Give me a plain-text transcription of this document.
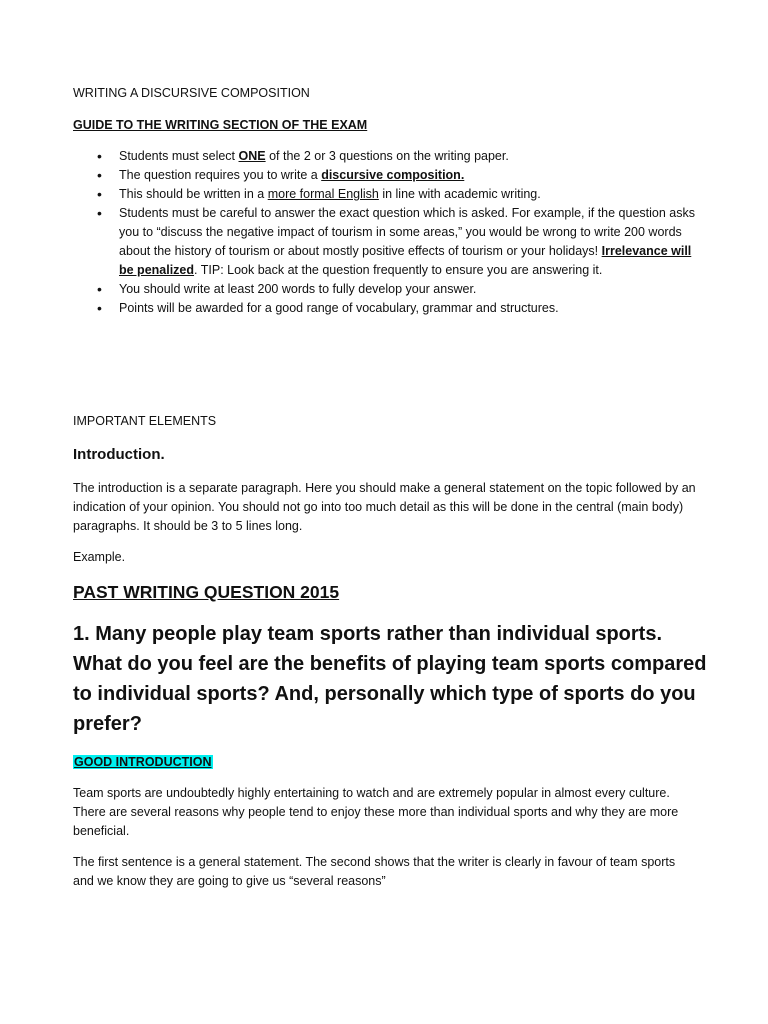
WRITING A DISCURSIVE COMPOSITION

GUIDE TO THE WRITING SECTION OF THE EXAM

• Students must select ONE of the 2 or 3 questions on the writing paper.
• The question requires you to write a discursive composition.
• This should be written in a more formal English in line with academic writing.
• Students must be careful to answer the exact question which is asked. For example, if the question asks you to “discuss the negative impact of tourism in some areas,” you would be wrong to write 200 words about the history of tourism or about mostly positive effects of tourism or your holidays! Irrelevance will be penalized. TIP: Look back at the question frequently to ensure you are answering it.
• You should write at least 200 words to fully develop your answer.
• Points will be awarded for a good range of vocabulary, grammar and structures.

IMPORTANT ELEMENTS

Introduction.

The introduction is a separate paragraph. Here you should make a general statement on the topic followed by an indication of your opinion. You should not go into too much detail as this will be done in the central (main body) paragraphs. It should be 3 to 5 lines long.

Example.

PAST WRITING QUESTION 2015

1. Many people play team sports rather than individual sports. What do you feel are the benefits of playing team sports compared to individual sports? And, personally which type of sports do you prefer?

GOOD INTRODUCTION

Team sports are undoubtedly highly entertaining to watch and are extremely popular in almost every culture. There are several reasons why people tend to enjoy these more than individual sports and why they are more beneficial.

The first sentence is a general statement. The second shows that the writer is clearly in favour of team sports and we know they are going to give us “several reasons”
